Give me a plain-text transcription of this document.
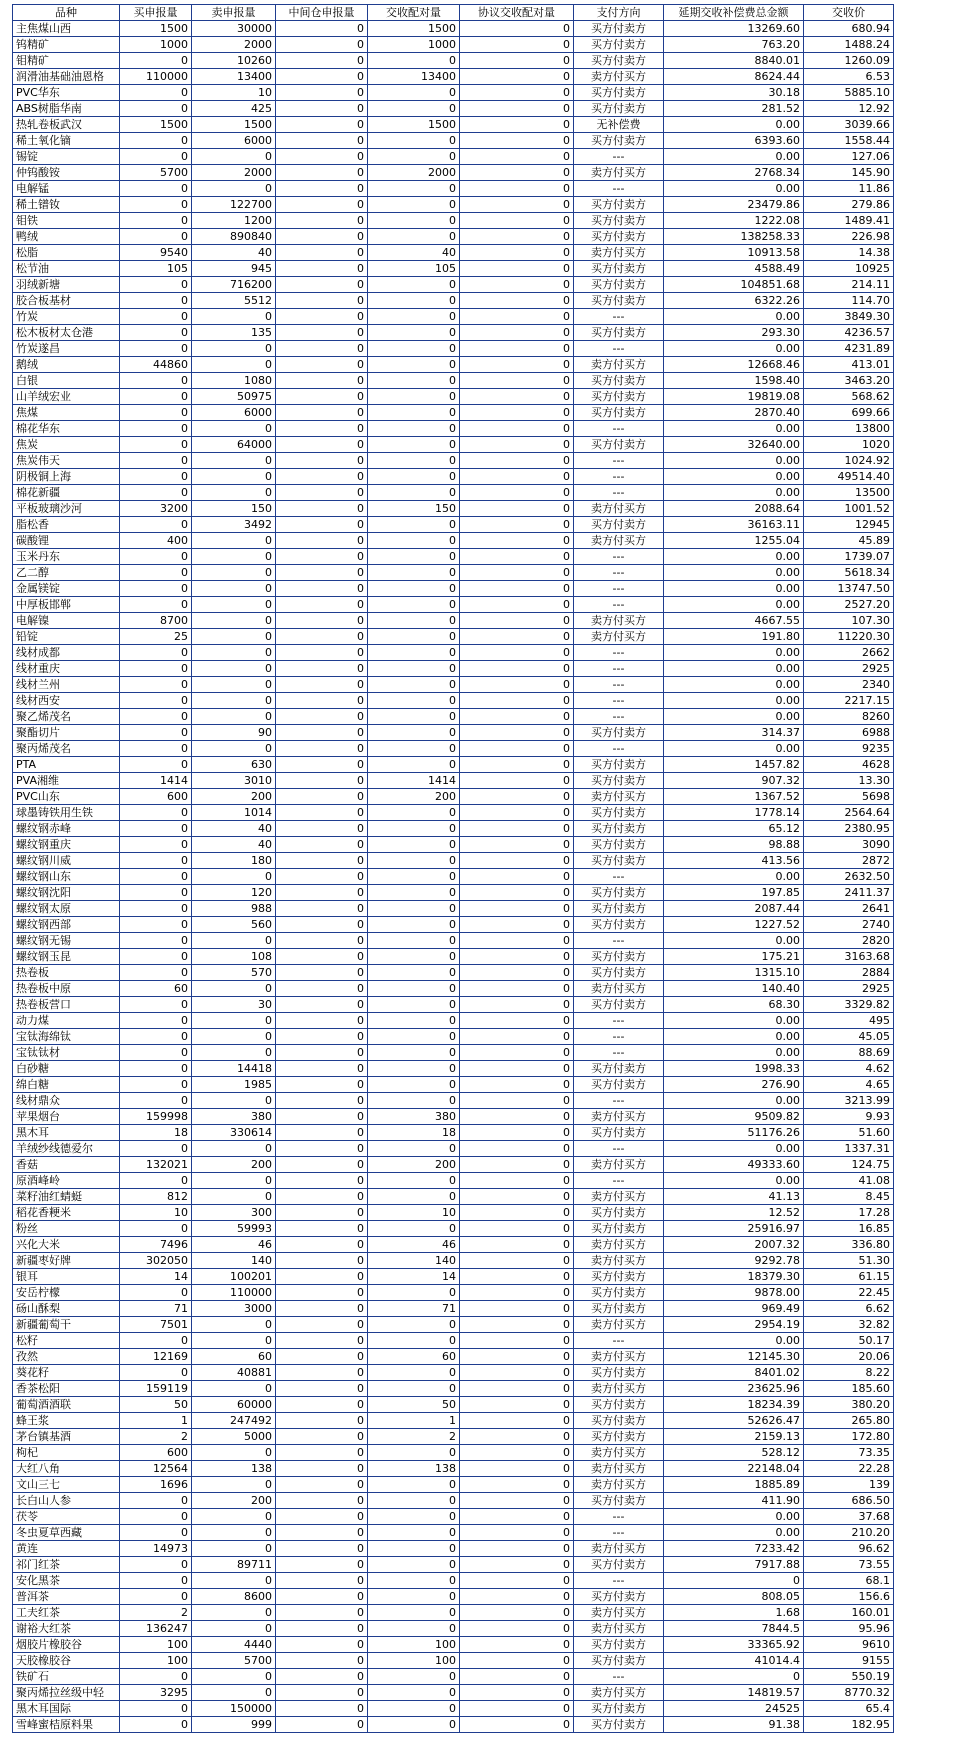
品种	买申报量	卖申报量	中间仓申报量	交收配对量	协议交收配对量	支付方向	延期交收补偿费总金额	交收价
主焦煤山西	1500	30000	0	1500	0	买方付卖方	13269.60	680.94
钨精矿	1000	2000	0	1000	0	买方付卖方	763.20	1488.24
钼精矿	0	10260	0	0	0	买方付卖方	8840.01	1260.09
润滑油基础油恩格	110000	13400	0	13400	0	卖方付买方	8624.44	6.53
PVC华东	0	10	0	0	0	买方付卖方	30.18	5885.10
ABS树脂华南	0	425	0	0	0	买方付卖方	281.52	12.92
热轧卷板武汉	1500	1500	0	1500	0	无补偿费	0.00	3039.66
稀土氧化镝	0	6000	0	0	0	买方付卖方	6393.60	1558.44
锡锭	0	0	0	0	0	---	0.00	127.06
仲钨酸铵	5700	2000	0	2000	0	卖方付买方	2768.34	145.90
电解锰	0	0	0	0	0	---	0.00	11.86
稀土镨钕	0	122700	0	0	0	买方付卖方	23479.86	279.86
钼铁	0	1200	0	0	0	买方付卖方	1222.08	1489.41
鸭绒	0	890840	0	0	0	买方付卖方	138258.33	226.98
松脂	9540	40	0	40	0	卖方付买方	10913.58	14.38
松节油	105	945	0	105	0	买方付卖方	4588.49	10925
羽绒新塘	0	716200	0	0	0	买方付卖方	104851.68	214.11
胶合板基材	0	5512	0	0	0	买方付卖方	6322.26	114.70
竹炭	0	0	0	0	0	---	0.00	3849.30
松木板材太仓港	0	135	0	0	0	买方付卖方	293.30	4236.57
竹炭遂昌	0	0	0	0	0	---	0.00	4231.89
鹅绒	44860	0	0	0	0	卖方付买方	12668.46	413.01
白银	0	1080	0	0	0	买方付卖方	1598.40	3463.20
山羊绒宏业	0	50975	0	0	0	买方付卖方	19819.08	568.62
焦煤	0	6000	0	0	0	买方付卖方	2870.40	699.66
棉花华东	0	0	0	0	0	---	0.00	13800
焦炭	0	64000	0	0	0	买方付卖方	32640.00	1020
焦炭伟天	0	0	0	0	0	---	0.00	1024.92
阴极铜上海	0	0	0	0	0	---	0.00	49514.40
棉花新疆	0	0	0	0	0	---	0.00	13500
平板玻璃沙河	3200	150	0	150	0	卖方付买方	2088.64	1001.52
脂松香	0	3492	0	0	0	买方付卖方	36163.11	12945
碳酸锂	400	0	0	0	0	卖方付买方	1255.04	45.89
玉米丹东	0	0	0	0	0	---	0.00	1739.07
乙二醇	0	0	0	0	0	---	0.00	5618.34
金属镁锭	0	0	0	0	0	---	0.00	13747.50
中厚板邯郸	0	0	0	0	0	---	0.00	2527.20
电解镍	8700	0	0	0	0	卖方付买方	4667.55	107.30
铅锭	25	0	0	0	0	卖方付买方	191.80	11220.30
线材成都	0	0	0	0	0	---	0.00	2662
线材重庆	0	0	0	0	0	---	0.00	2925
线材兰州	0	0	0	0	0	---	0.00	2340
线材西安	0	0	0	0	0	---	0.00	2217.15
聚乙烯茂名	0	0	0	0	0	---	0.00	8260
聚酯切片	0	90	0	0	0	买方付卖方	314.37	6988
聚丙烯茂名	0	0	0	0	0	---	0.00	9235
PTA	0	630	0	0	0	买方付卖方	1457.82	4628
PVA湘维	1414	3010	0	1414	0	买方付卖方	907.32	13.30
PVC山东	600	200	0	200	0	卖方付买方	1367.52	5698
球墨铸铁用生铁	0	1014	0	0	0	买方付卖方	1778.14	2564.64
螺纹钢赤峰	0	40	0	0	0	买方付卖方	65.12	2380.95
螺纹钢重庆	0	40	0	0	0	买方付卖方	98.88	3090
螺纹钢川威	0	180	0	0	0	买方付卖方	413.56	2872
螺纹钢山东	0	0	0	0	0	---	0.00	2632.50
螺纹钢沈阳	0	120	0	0	0	买方付卖方	197.85	2411.37
螺纹钢太原	0	988	0	0	0	买方付卖方	2087.44	2641
螺纹钢西部	0	560	0	0	0	买方付卖方	1227.52	2740
螺纹钢无锡	0	0	0	0	0	---	0.00	2820
螺纹钢玉昆	0	108	0	0	0	买方付卖方	175.21	3163.68
热卷板	0	570	0	0	0	买方付卖方	1315.10	2884
热卷板中原	60	0	0	0	0	卖方付买方	140.40	2925
热卷板营口	0	30	0	0	0	买方付卖方	68.30	3329.82
动力煤	0	0	0	0	0	---	0.00	495
宝钛海绵钛	0	0	0	0	0	---	0.00	45.05
宝钛钛材	0	0	0	0	0	---	0.00	88.69
白砂糖	0	14418	0	0	0	买方付卖方	1998.33	4.62
绵白糖	0	1985	0	0	0	买方付卖方	276.90	4.65
线材鼎众	0	0	0	0	0	---	0.00	3213.99
苹果烟台	159998	380	0	380	0	卖方付买方	9509.82	9.93
黑木耳	18	330614	0	18	0	买方付卖方	51176.26	51.60
羊绒纱线德爱尔	0	0	0	0	0	---	0.00	1337.31
香菇	132021	200	0	200	0	卖方付买方	49333.60	124.75
原酒峰岭	0	0	0	0	0	---	0.00	41.08
菜籽油红蜻蜓	812	0	0	0	0	卖方付买方	41.13	8.45
稻花香粳米	10	300	0	10	0	买方付卖方	12.52	17.28
粉丝	0	59993	0	0	0	买方付卖方	25916.97	16.85
兴化大米	7496	46	0	46	0	卖方付买方	2007.32	336.80
新疆枣好牌	302050	140	0	140	0	卖方付买方	9292.78	51.30
银耳	14	100201	0	14	0	买方付卖方	18379.30	61.15
安岳柠檬	0	110000	0	0	0	买方付卖方	9878.00	22.45
砀山酥梨	71	3000	0	71	0	买方付卖方	969.49	6.62
新疆葡萄干	7501	0	0	0	0	卖方付买方	2954.19	32.82
松籽	0	0	0	0	0	---	0.00	50.17
孜然	12169	60	0	60	0	卖方付买方	12145.30	20.06
葵花籽	0	40881	0	0	0	买方付卖方	8401.02	8.22
香茶松阳	159119	0	0	0	0	卖方付买方	23625.96	185.60
葡萄酒酒联	50	60000	0	50	0	买方付卖方	18234.39	380.20
蜂王浆	1	247492	0	1	0	买方付卖方	52626.47	265.80
茅台镇基酒	2	5000	0	2	0	买方付卖方	2159.13	172.80
枸杞	600	0	0	0	0	卖方付买方	528.12	73.35
大红八角	12564	138	0	138	0	卖方付买方	22148.04	22.28
文山三七	1696	0	0	0	0	卖方付买方	1885.89	139
长白山人参	0	200	0	0	0	买方付卖方	411.90	686.50
茯苓	0	0	0	0	0	---	0.00	37.68
冬虫夏草西藏	0	0	0	0	0	---	0.00	210.20
黄连	14973	0	0	0	0	卖方付买方	7233.42	96.62
祁门红茶	0	89711	0	0	0	买方付卖方	7917.88	73.55
安化黑茶	0	0	0	0	0	---	0	68.1
普洱茶	0	8600	0	0	0	买方付卖方	808.05	156.6
工夫红茶	2	0	0	0	0	卖方付买方	1.68	160.01
谢裕大红茶	136247	0	0	0	0	卖方付买方	7844.5	95.96
烟胶片橡胶谷	100	4440	0	100	0	买方付卖方	33365.92	9610
天胶橡胶谷	100	5700	0	100	0	买方付卖方	41014.4	9155
铁矿石	0	0	0	0	0	---	0	550.19
聚丙烯拉丝级中轻	3295	0	0	0	0	卖方付买方	14819.57	8770.32
黑木耳国际	0	150000	0	0	0	买方付卖方	24525	65.4
雪峰蜜桔原料果	0	999	0	0	0	买方付卖方	91.38	182.95
